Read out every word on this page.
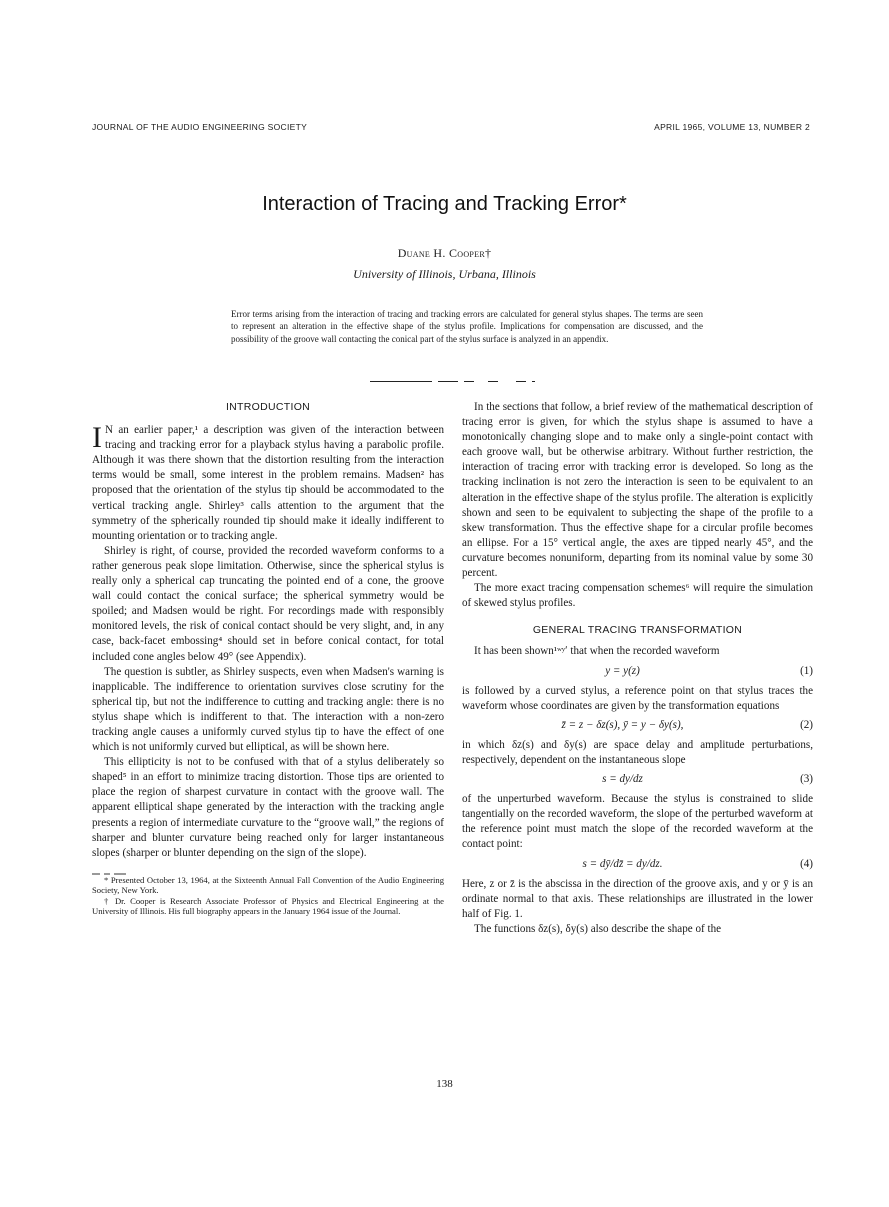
JOURNAL OF THE AUDIO ENGINEERING SOCIETY	APRIL 1965, VOLUME 13, NUMBER 2
Interaction of Tracing and Tracking Error*
Duane H. Cooper†
University of Illinois, Urbana, Illinois
Error terms arising from the interaction of tracing and tracking errors are calculated for general stylus shapes. The terms are seen to represent an alteration in the effective shape of the stylus profile. Implications for compensation are discussed, and the possibility of the groove wall contacting the conical part of the stylus surface is analyzed in an appendix.
INTRODUCTION

I N an earlier paper,¹ a description was given of the interaction between tracing and tracking error for a playback stylus having a parabolic profile. Although it was there shown that the distortion resulting from the interaction terms would be small, some interest in the problem remains. Madsen² has proposed that the orientation of the stylus tip should be accommodated to the vertical tracking angle. Shirley³ calls attention to the argument that the symmetry of the spherically rounded tip should make it ideally indifferent to mounting orientation or to tracking angle.

Shirley is right, of course, provided the recorded waveform conforms to a rather generous peak slope limitation. Otherwise, since the spherical stylus is really only a spherical cap truncating the pointed end of a cone, the groove wall could contact the conical surface; the spherical symmetry would be spoiled; and Madsen would be right. For recordings made with responsibly monitored levels, the risk of conical contact should be very slight, and, in any case, back-facet embossing⁴ should set in before conical contact, for total included cone angles below 49° (see Appendix).

The question is subtler, as Shirley suspects, even when Madsen's warning is inapplicable. The indifference to orientation survives close scrutiny for the spherical tip, but not the indifference to cutting and tracking angle: there is no stylus shape which is indifferent to that. The interaction with a non-zero tracking angle causes a uniformly curved stylus tip to have the effect of one which is not uniformly curved but elliptical, as will be shown here.

This ellipticity is not to be confused with that of a stylus deliberately so shaped⁵ in an effort to minimize tracing distortion. Those tips are oriented to place the region of sharpest curvature in contact with the groove wall. The apparent elliptical shape generated by the interaction with the tracking angle presents a region of intermediate curvature to the “groove wall,” the regions of sharper and blunter curvature being reached only for larger instantaneous slopes (sharper or blunter depending on the sign of the slope).

* Presented October 13, 1964, at the Sixteenth Annual Fall Convention of the Audio Engineering Society, New York.

† Dr. Cooper is Research Associate Professor of Physics and Electrical Engineering at the University of Illinois. His full biography appears in the January 1964 issue of the Journal.

In the sections that follow, a brief review of the mathematical description of tracing error is given, for which the stylus shape is assumed to have a monotonically changing slope and to make only a single-point contact with each groove wall, but be otherwise arbitrary. Without further restriction, the interaction of tracing error with tracking error is developed. So long as the tracking inclination is not zero the interaction is seen to be equivalent to an alteration in the effective shape of the stylus profile. The alteration is explicitly shown and seen to be equivalent to subjecting the shape of the profile to a skew transformation. Thus the effective shape for a circular profile becomes an ellipse. For a 15° vertical angle, the axes are tipped nearly 45°, and the curvature becomes nonuniform, departing from its nominal value by some 30 percent.

The more exact tracing compensation schemes⁶ will require the simulation of skewed stylus profiles.

GENERAL TRACING TRANSFORMATION

It has been shown¹ʷʸʹ that when the recorded waveform

y = y(z)	(1)

is followed by a curved stylus, a reference point on that stylus traces the waveform whose coordinates are given by the transformation equations

z̄ = z − δz(s), ȳ = y − δy(s),	(2)

in which δz(s) and δy(s) are space delay and amplitude perturbations, respectively, dependent on the instantaneous slope

s = dy/dz	(3)

of the unperturbed waveform. Because the stylus is constrained to slide tangentially on the recorded waveform, the slope of the perturbed waveform at the reference point must match the slope of the recorded waveform at the contact point:

s = dȳ/dz̄ = dy/dz.	(4)

Here, z or z̄ is the abscissa in the direction of the groove axis, and y or ȳ is an ordinate normal to that axis. These relationships are illustrated in the lower half of Fig. 1.

The functions δz(s), δy(s) also describe the shape of the

138
